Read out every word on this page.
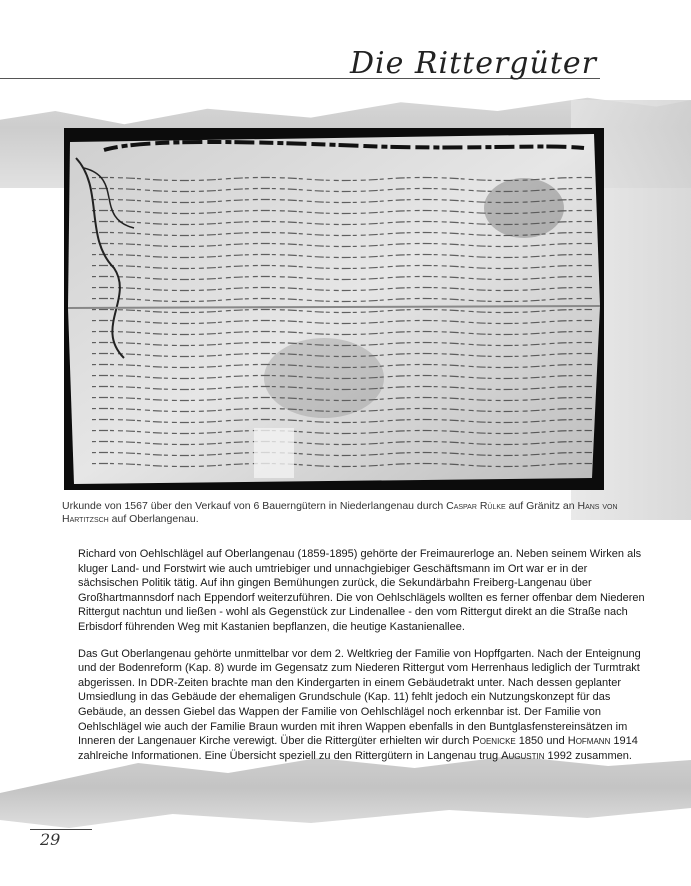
Die Rittergüter
Urkunde von 1567 über den Verkauf von 6 Bauerngütern in Niederlangenau durch Caspar Rülke auf Gränitz an Hans von Hartitzsch auf Oberlangenau.

Richard von Oehlschlägel auf Oberlangenau (1859-1895) gehörte der Freimaurerloge an. Neben seinem Wirken als kluger Land- und Forstwirt wie auch umtriebiger und unnachgiebiger Geschäftsmann im Ort war er in der sächsischen Politik tätig. Auf ihn gingen Bemühungen zurück, die Sekundärbahn Freiberg-Langenau über Großhartmannsdorf nach Eppendorf weiterzuführen. Die von Oehlschlägels wollten es ferner offenbar dem Niederen Rittergut nachtun und ließen - wohl als Gegenstück zur Lindenallee - den vom Rittergut direkt an die Straße nach Erbisdorf führenden Weg mit Kastanien bepflanzen, die heutige Kastanienallee.

Das Gut Oberlangenau gehörte unmittelbar vor dem 2. Weltkrieg der Familie von Hopffgarten. Nach der Enteignung und der Bodenreform (Kap. 8) wurde im Gegensatz zum Niederen Rittergut vom Herrenhaus lediglich der Turmtrakt abgerissen. In DDR-Zeiten brachte man den Kindergarten in einem Gebäudetrakt unter. Nach dessen geplanter Umsiedlung in das Gebäude der ehemaligen Grundschule (Kap. 11) fehlt jedoch ein Nutzungskonzept für das Gebäude, an dessen Giebel das Wappen der Familie von Oehlschlägel noch erkennbar ist. Der Familie von Oehlschlägel wie auch der Familie Braun wurden mit ihren Wappen ebenfalls in den Buntglasfenstereinsätzen im Inneren der Langenauer Kirche verewigt. Über die Rittergüter erhielten wir durch Poenicke 1850 und Hofmann 1914 zahlreiche Informationen. Eine Übersicht speziell zu den Rittergütern in Langenau trug Augustin 1992 zusammen.

29
